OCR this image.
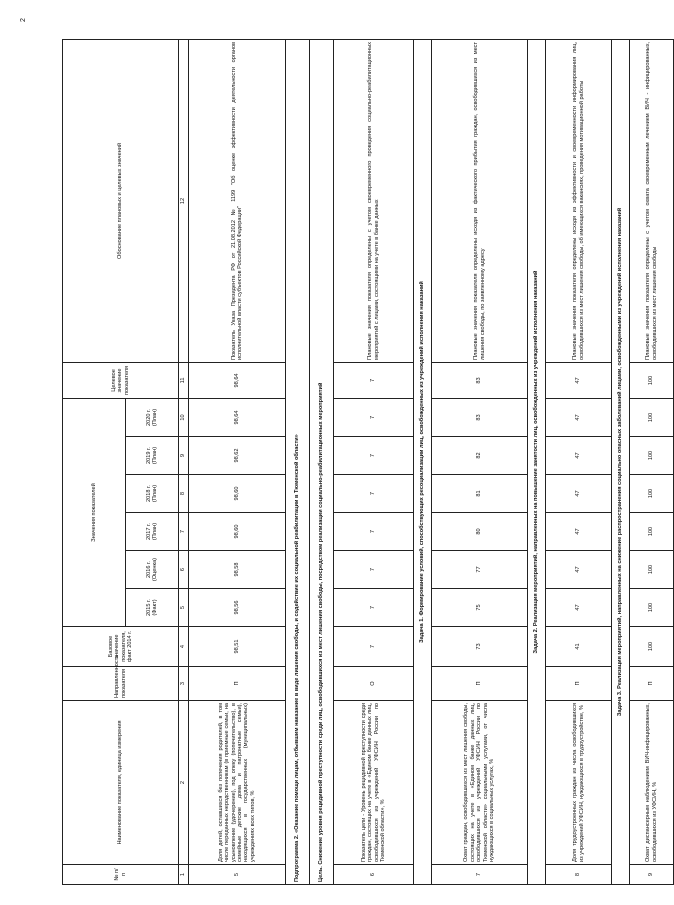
2
№ п/п	Наименование показателя, единица измерения	Направленность показателя	Базовое значение показателя, факт 2014 г.	Значения показателей						Целевое значение показателя	Обоснование плановых и целевых значений
				2015 г. (Факт)	2016 г. (Оценка)	2017 г. (План)	2018 г. (План)	2019 г. (План)	2020 г. (План)		
1	2	3	4	5	6	7	8	9	10	11	12
5	Доля детей, оставшихся без попечения родителей, в том числе переданных неродственникам (в приемные семьи, на усыновление (удочерение), под опеку (попечительство), в семейные детские дома и патронатные семьи), находящихся в государственных (муниципальных) учреждениях всех типов, %	П	98,51	98,56	98,58	98,60	98,60	98,62	98,64	98,64	Показатель Указа Президента РФ от 21.08.2012 № 1199 "Об оценке эффективности деятельности органов исполнительной власти субъектов Российской Федерации"
Подпрограмма 2. «Оказание помощи лицам, отбывшим наказание в виде лишения свободы, и содействие их социальной реабилитации в Тюменской области»											
Цель. Снижение уровня рецидивной преступности среди лиц, освободившихся из мест лишения свободы, посредством реализации социально-реабилитационных мероприятий											
6	Показатель цели - Уровень рецидивной преступности среди граждан, состоящих на учете в «Едином банке данных лиц, освободившихся из учреждений УФСИН России по Тюменской области», %	О	7	7	7	7	7	7	7	7	Плановые значения показателя определены с учетом своевременного проведения социально-реабилитационных мероприятий с лицами, состоящими на учете в банке данных
Задача 1. Формирование условий, способствующих ресоциализации лиц, освобожденных из учреждений исполнения наказаний											
7	Охват граждан, освободившихся из мест лишения свободы, состоящих на учете в «Едином банке данных лиц, освободившихся из учреждений УФСИН России по Тюменской области» социальными услугами, от числа нуждающихся в социальных услугах, %	П	73	75	77	80	81	82	83	83	Плановые значения показателя определены исходя из фактического прибытия граждан, освободившихся из мест лишения свободы, по заявленному адресу
Задача 2. Реализация мероприятий, направленных на повышение занятости лиц, освобожденных из учреждений исполнения наказаний											
8	Доля трудоустроенных граждан из числа освободившихся из учреждений УФСИН, нуждающихся в трудоустройстве, %	П	41	47	47	47	47	47	47	47	Плановые значения показателя определены исходя из эффективности и своевременности информирования лиц, освободившихся из мест лишения свободы, об имеющихся вакансиях, проведения мотивационной работы
Задача 3. Реализация мероприятий, направленных на снижение распространения социально опасных заболеваний лицами, освобожденными из учреждений исполнения наказаний											
9	Охват диспансерным наблюдением ВИЧ-инфицированных, освободившихся из УФСИН, %	П	100	100	100	100	100	100	100	100	Плановые значения показателя определены с учетом охвата своевременным лечением ВИЧ - инфицированных, освободившихся из мест лишения свободы
